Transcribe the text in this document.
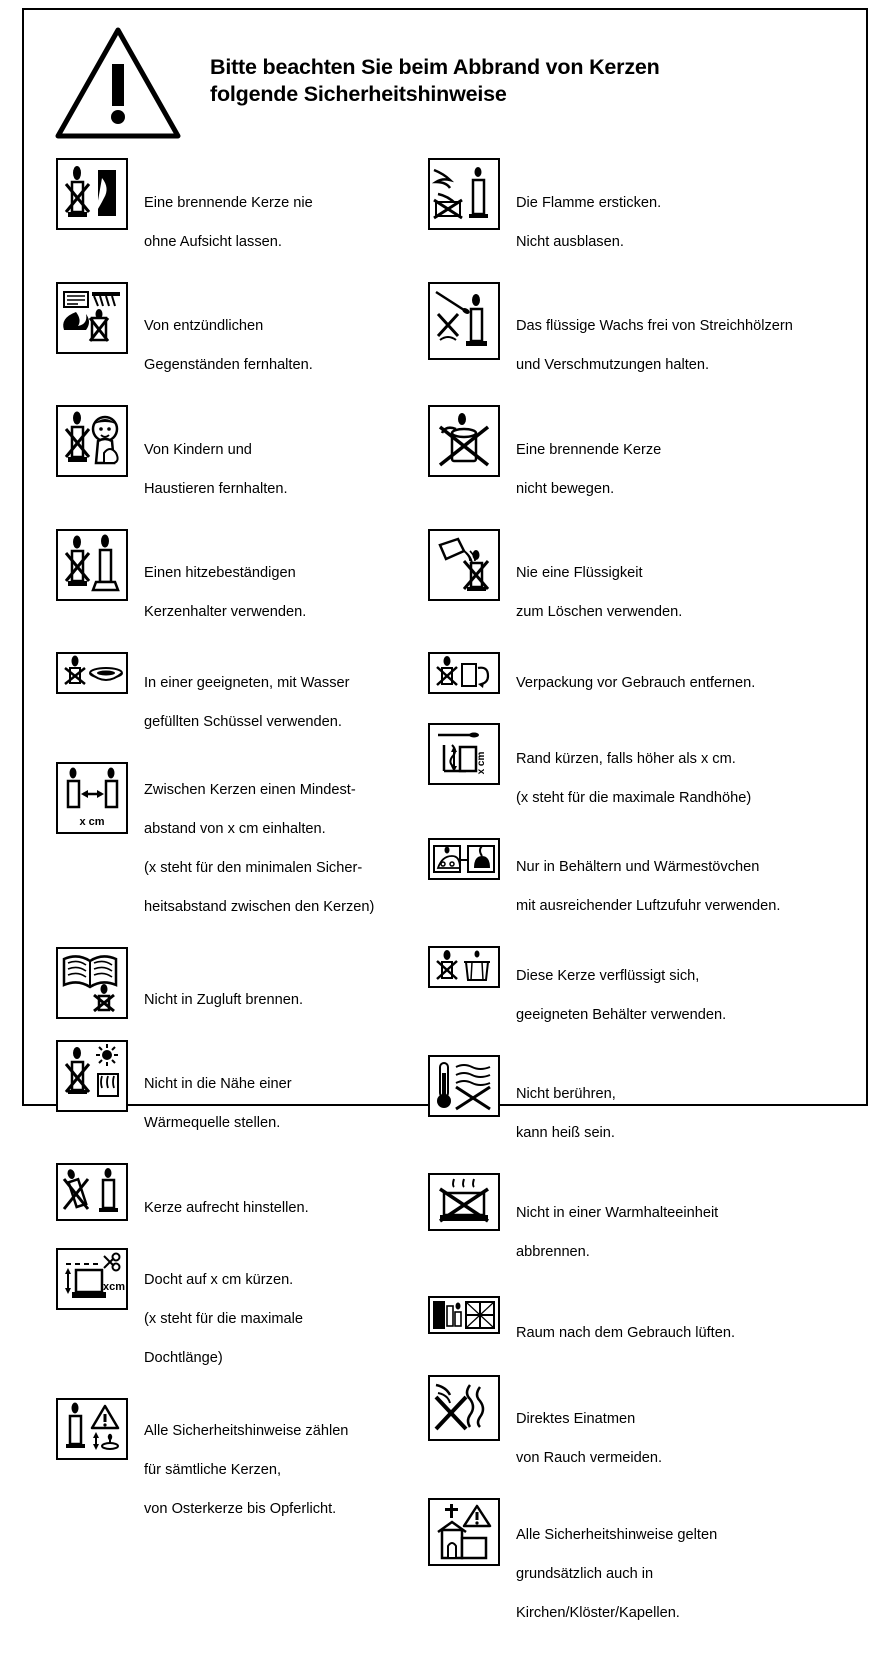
Bitte beachten Sie beim Abbrand von Kerzen
folgende Sicherheitshinweise

Eine brennende Kerze nie

ohne Aufsicht lassen.

Von entzündlichen

Gegenständen fernhalten.

Von Kindern und

Haustieren fernhalten.

Einen hitzebeständigen

Kerzenhalter verwenden.

In einer geeigneten, mit Wasser

gefüllten Schüssel verwenden.

x cm

Zwischen Kerzen einen Mindest-

abstand von x cm einhalten.

(x steht für den minimalen Sicher-

heitsabstand zwischen den Kerzen)

Nicht in Zugluft brennen.

Nicht in die Nähe einer

Wärmequelle stellen.

Kerze aufrecht hinstellen.

xcm Docht auf x cm kürzen.

(x steht für die maximale

Dochtlänge)

Alle Sicherheitshinweise zählen

für sämtliche Kerzen,

von Osterkerze bis Opferlicht.

Die Flamme ersticken.

Nicht ausblasen.

Das flüssige Wachs frei von Streichhölzern

und Verschmutzungen halten.

Eine brennende Kerze

nicht bewegen.

Nie eine Flüssigkeit

zum Löschen verwenden.

Verpackung vor Gebrauch entfernen.

x cm Rand kürzen, falls höher als x cm.

(x steht für die maximale Randhöhe)

Nur in Behältern und Wärmestövchen

mit ausreichender Luftzufuhr verwenden.

Diese Kerze verflüssigt sich,

geeigneten Behälter verwenden.

Nicht berühren,

kann heiß sein.

Nicht in einer Warmhalteeinheit

abbrennen.

Raum nach dem Gebrauch lüften.

Direktes Einatmen

von Rauch vermeiden.

Alle Sicherheitshinweise gelten

grundsätzlich auch in

Kirchen/Klöster/Kapellen.
